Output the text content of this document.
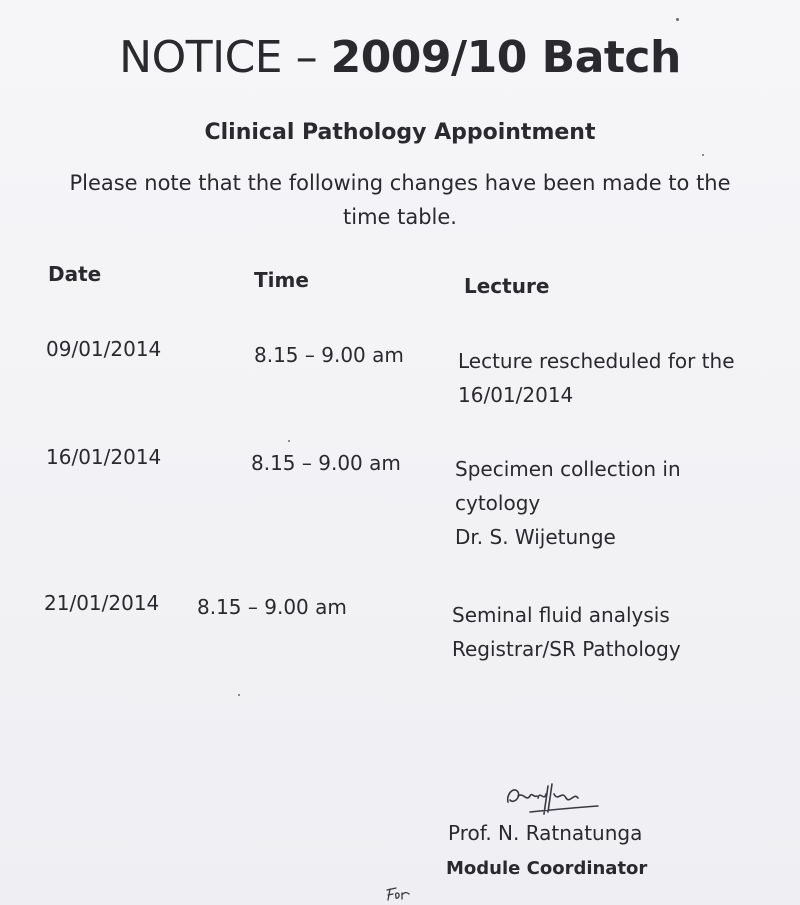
NOTICE – 2009/10 Batch
Clinical Pathology Appointment
Please note that the following changes have been made to the
time table.
Date	Time	Lecture
09/01/2014	8.15 – 9.00 am	Lecture rescheduled for the
16/01/2014
16/01/2014	8.15 – 9.00 am	Specimen collection in
cytology
Dr. S. Wijetunge
21/01/2014 8.15 – 9.00 am	Seminal fluid analysis
Registrar/SR Pathology
Prof. N. Ratnatunga
Module Coordinator
